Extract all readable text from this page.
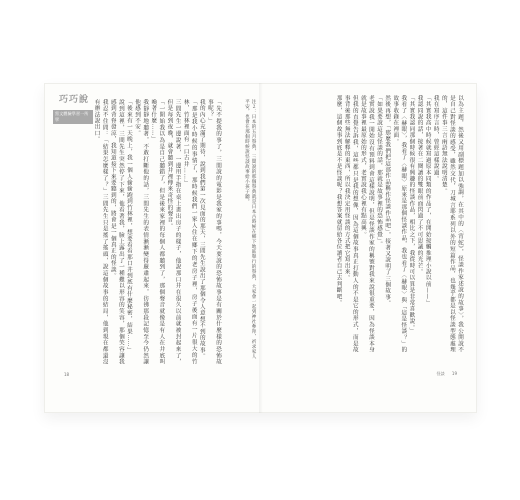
巧巧說
寫文體驗學習一所學	「先不提我的事了，三間說的電影是我家的事嗎，今天要說的恐怖故事是有關於什麼樣的恐怖故事呢？」
我的內心充滿了期待，說到我們第一次見面的那天，三間先生說出了那個令人意想不到的故事。
「那是我小時候的事情了，那時候我們一家人住在鄉下的老房子裡，房子後面有一片很大的竹林，竹林裡面有一口古井……」
三間先生一邊說著，一邊用手指在桌上畫出房子的樣子，他說那口井在很久以前就被封起來了，但是每到夜晚，就會聽到井裡傳來奇怪的聲音。
「一開始我以為是自己聽錯了，但是後來家裡的每個人都聽到了，那個聲音就像是有人在井底叫喚著什麼……」
我靜靜地聽著，不敢打斷他的話，三間先生的表情漸漸變得嚴肅起來，彷彿那段記憶至今仍然讓他感到不安。
「後來有一天晚上，我一個人偷偷跑到竹林裡，想要看看那口井到底有什麼秘密，結果……」
說到這裡，三間先生突然停了下來，他看著我，臉上露出了一種難以形容的笑容，那個笑容讓我感到背脊發涼，我知道接下來要聽到的，將會是一個真正的怪談。
我忍不住問：「結果怎麼樣了？」三間先生只是搖了搖頭，說這個故事的結局，他到現在都還沒有辦法說出口。	注２：日本的五月祭典，三間說的那個祭典就是日本古時候在鄉下地區舉行的祭典，大家會一起到神社參拜，祈求家人平安，也會在那個時候說怪談故事給小孩子聽。	以為主題，然後又用副標題加以強調，在其中的〈宵蛇》，怪談作家述說的故事〉，我公開說不是自己對怪談的感受，雖然交代，刀城言耶系列以外的短篇作品，也幾乎都是以怪談型態處理的，這件事三言兩語無法說明清楚。
我在寫序言時，曾經這樣說過。
「其實我高中時候就寫過原本同類的作品了，在開始接觸推理小說以前——」
我認同說的話，接著在二閱讀的雙眼前面閃過了不可思議的光芒。
「其實我認同那個時候很有興趣的怪談作品，相比之下，我從時可以算是非常喜歡說。」
我看了〈赫眼〉，我看了〈赫眼〉原來是那個怪談作品，我也看了〈赫眼〉與「這是怪談？」的故事收錄在裡面。
然後再想，「那麼我們把這部作品稱作怪談作品吧」，接著又說明了三個故事。
「如果要說這是怪談的話，那就是故事裡的恐怖感覺」。
老實說我一開始沒有預料到會這樣說明，但是怪談作家的稱號對我來說很重要，因為怪談本身就是故事裡最原始的形式，老實說我心裡有點高興。
但我的直覺告訴我，這些都只是我的想像，因為這個故事真正打動人的不是它的形式，而是故事背後那些無法解釋的東西，所以我決定用怪談的方式把它寫出來。
那麼，這個故事到底是不是怪談呢？我想答案就留給各位讀者自己去判斷吧。

18	怪談 19
